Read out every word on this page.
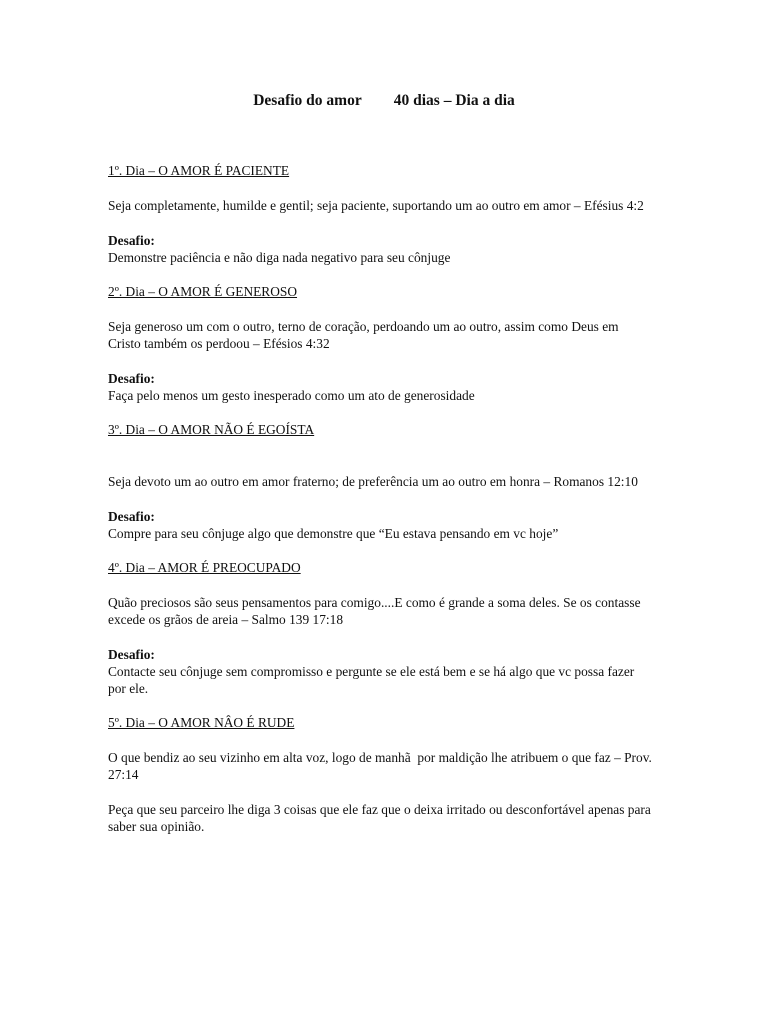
Desafio do amor 40 dias – Dia a dia

1º. Dia – O AMOR É PACIENTE

Seja completamente, humilde e gentil; seja paciente, suportando um ao outro em amor – Efésius 4:2

Desafio:

Demonstre paciência e não diga nada negativo para seu cônjuge

2º. Dia – O AMOR É GENEROSO

Seja generoso um com o outro, terno de coração, perdoando um ao outro, assim como Deus em Cristo também os perdoou – Efésios 4:32

Desafio:

Faça pelo menos um gesto inesperado como um ato de generosidade

3º. Dia – O AMOR NÃO É EGOÍSTA

Seja devoto um ao outro em amor fraterno; de preferência um ao outro em honra – Romanos 12:10

Desafio:

Compre para seu cônjuge algo que demonstre que “Eu estava pensando em vc hoje”

4º. Dia – AMOR É PREOCUPADO

Quão preciosos são seus pensamentos para comigo....E como é grande a soma deles. Se os contasse excede os grãos de areia – Salmo 139 17:18

Desafio:

Contacte seu cônjuge sem compromisso e pergunte se ele está bem e se há algo que vc possa fazer por ele.

5º. Dia – O AMOR NÂO É RUDE

O que bendiz ao seu vizinho em alta voz, logo de manhã  por maldição lhe atribuem o que faz – Prov. 27:14

Peça que seu parceiro lhe diga 3 coisas que ele faz que o deixa irritado ou desconfortável apenas para saber sua opinião.
